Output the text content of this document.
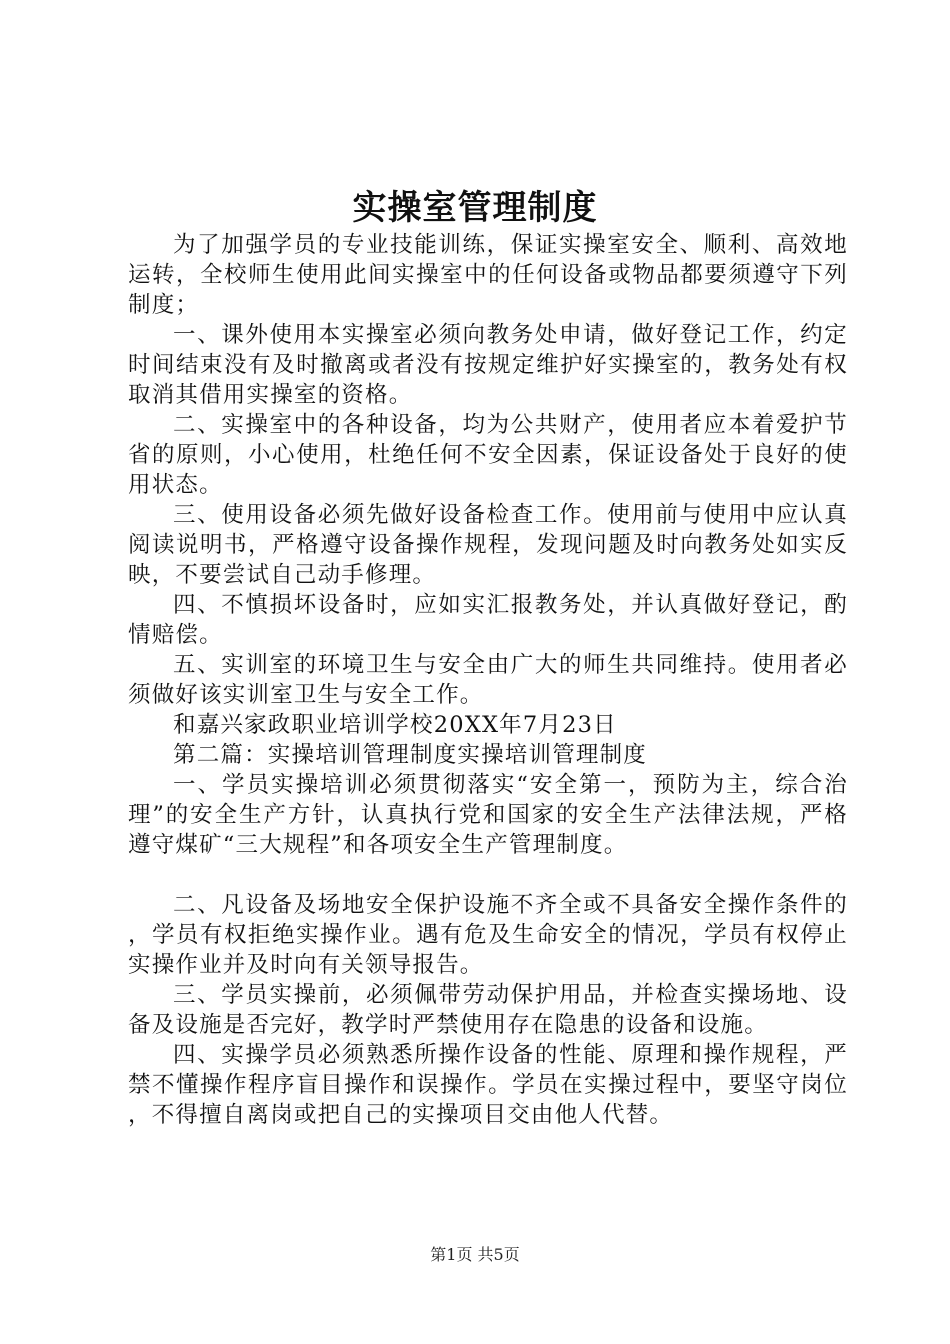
实操室管理制度

为了加强学员的专业技能训练，保证实操室安全、顺利、高效地运转，全校师生使用此间实操室中的任何设备或物品都要须遵守下列制度；

一、课外使用本实操室必须向教务处申请，做好登记工作，约定时间结束没有及时撤离或者没有按规定维护好实操室的，教务处有权取消其借用实操室的资格。

二、实操室中的各种设备，均为公共财产，使用者应本着爱护节省的原则，小心使用，杜绝任何不安全因素，保证设备处于良好的使用状态。

三、使用设备必须先做好设备检查工作。使用前与使用中应认真阅读说明书，严格遵守设备操作规程，发现问题及时向教务处如实反映，不要尝试自己动手修理。

四、不慎损坏设备时，应如实汇报教务处，并认真做好登记，酌情赔偿。

五、实训室的环境卫生与安全由广大的师生共同维持。使用者必须做好该实训室卫生与安全工作。

和嘉兴家政职业培训学校20XX年7月23日

第二篇：实操培训管理制度实操培训管理制度

一、学员实操培训必须贯彻落实“安全第一，预防为主，综合治理”的安全生产方针，认真执行党和国家的安全生产法律法规，严格遵守煤矿“三大规程”和各项安全生产管理制度。

二、凡设备及场地安全保护设施不齐全或不具备安全操作条件的，学员有权拒绝实操作业。遇有危及生命安全的情况，学员有权停止实操作业并及时向有关领导报告。

三、学员实操前，必须佩带劳动保护用品，并检查实操场地、设备及设施是否完好，教学时严禁使用存在隐患的设备和设施。

四、实操学员必须熟悉所操作设备的性能、原理和操作规程，严禁不懂操作程序盲目操作和误操作。学员在实操过程中，要坚守岗位，不得擅自离岗或把自己的实操项目交由他人代替。

第1页 共5页
